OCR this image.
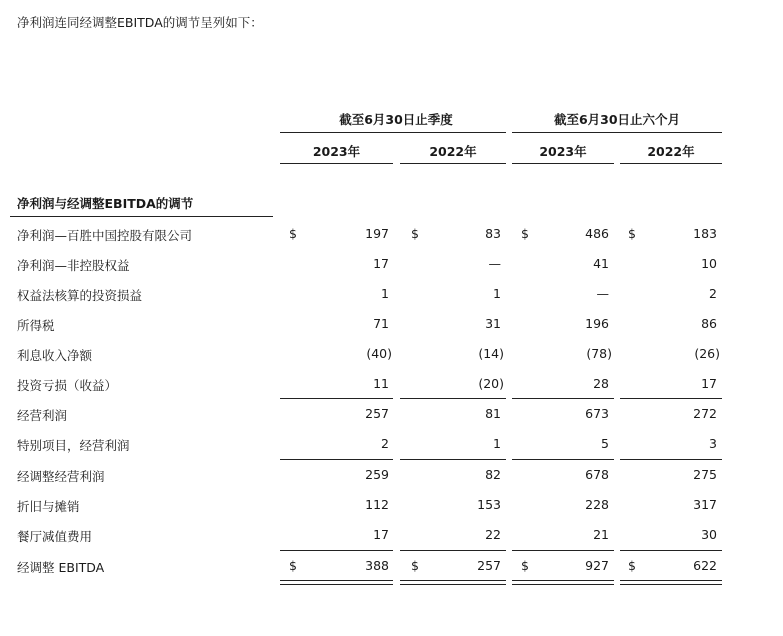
净利润连同经调整EBITDA的调节呈列如下：
截至6月30日止季度	截至6月30日止六个月
2023年	2022年	2023年	2022年
净利润与经调整EBITDA的调节
净利润—百胜中国控股有限公司	$	197 $	83 $	486 $	183
净利润—非控股权益	17	—	41	10
权益法核算的投资损益	1	1	—	2
所得税	71	31	196	86
利息收入净额	(40)	(14)	(78)	(26)
投资亏损（收益）	11	(20)	28	17
经营利润	257	81	673	272
特别项目，经营利润	2	1	5	3
经调整经营利润	259	82	678	275
折旧与摊销	112	153	228	317
餐厅减值费用	17	22	21	30
经调整 EBITDA	$	388 $	257 $	927 $	622
